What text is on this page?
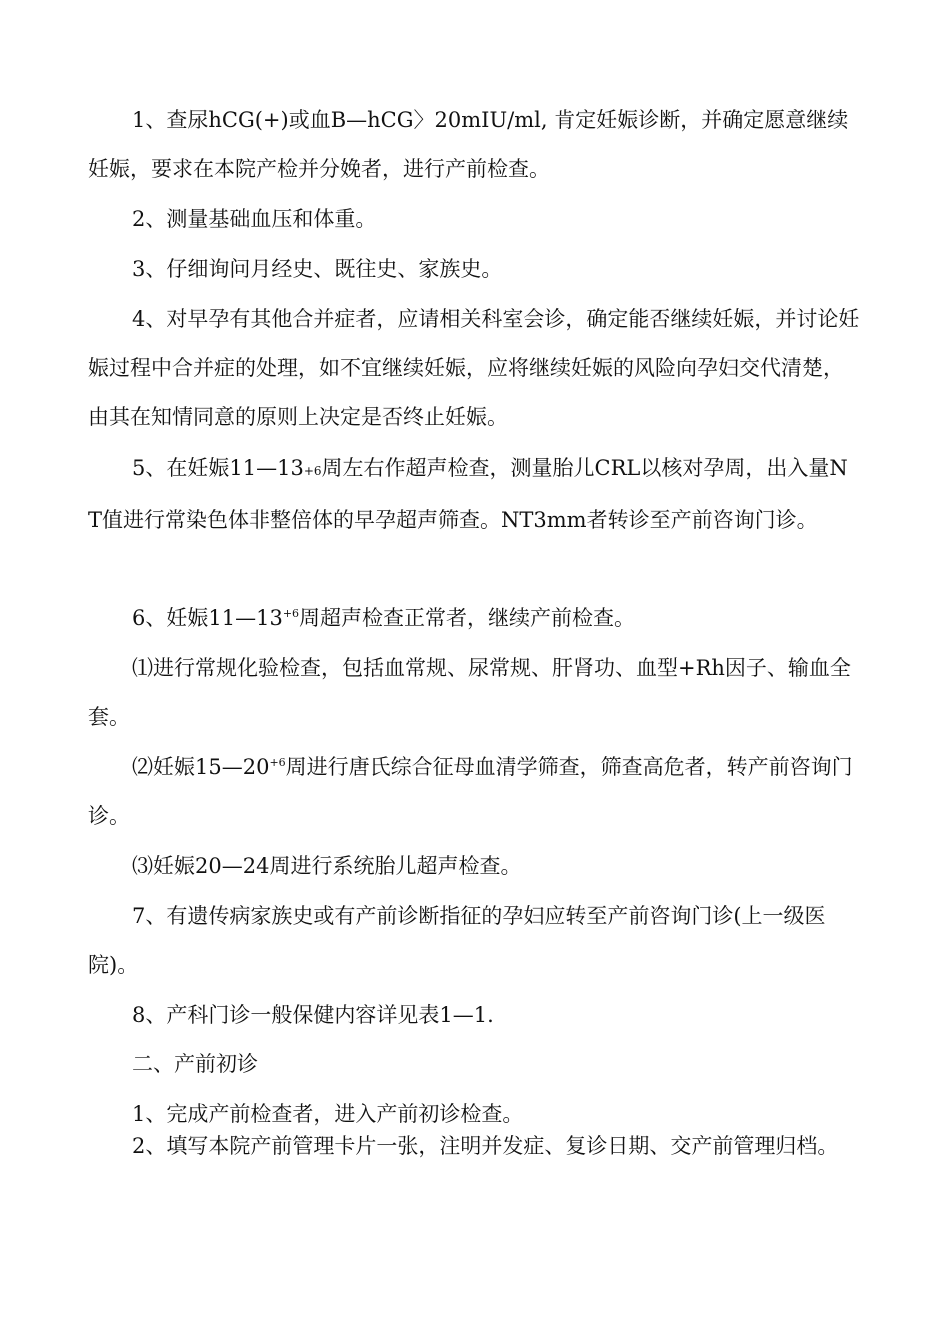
1、查尿hCG(+)或血B—hCG〉20mIU/ml, 肯定妊娠诊断，并确定愿意继续妊娠，要求在本院产检并分娩者，进行产前检查。

2、测量基础血压和体重。

3、仔细询问月经史、既往史、家族史。

4、对早孕有其他合并症者，应请相关科室会诊，确定能否继续妊娠，并讨论妊娠过程中合并症的处理，如不宜继续妊娠，应将继续妊娠的风险向孕妇交代清楚，由其在知情同意的原则上决定是否终止妊娠。

5、在妊娠11—13+6周左右作超声检查，测量胎儿CRL以核对孕周，出入量NT值进行常染色体非整倍体的早孕超声筛查。NT3mm者转诊至产前咨询门诊。

6、妊娠$11—13^{+6}$周超声检查正常者，继续产前检查。

⑴进行常规化验检查，包括血常规、尿常规、肝肾功、血型+Rh因子、输血全套。

⑵妊娠$15—20^{+6}$周进行唐氏综合征母血清学筛查，筛查高危者，转产前咨询门诊。

⑶妊娠20—24周进行系统胎儿超声检查。

7、有遗传病家族史或有产前诊断指征的孕妇应转至产前咨询门诊(上一级医院)。

8、产科门诊一般保健内容详见表1—1.

二、产前初诊

1、完成产前检查者，进入产前初诊检查。

2、填写本院产前管理卡片一张，注明并发症、复诊日期、交产前管理归档。
